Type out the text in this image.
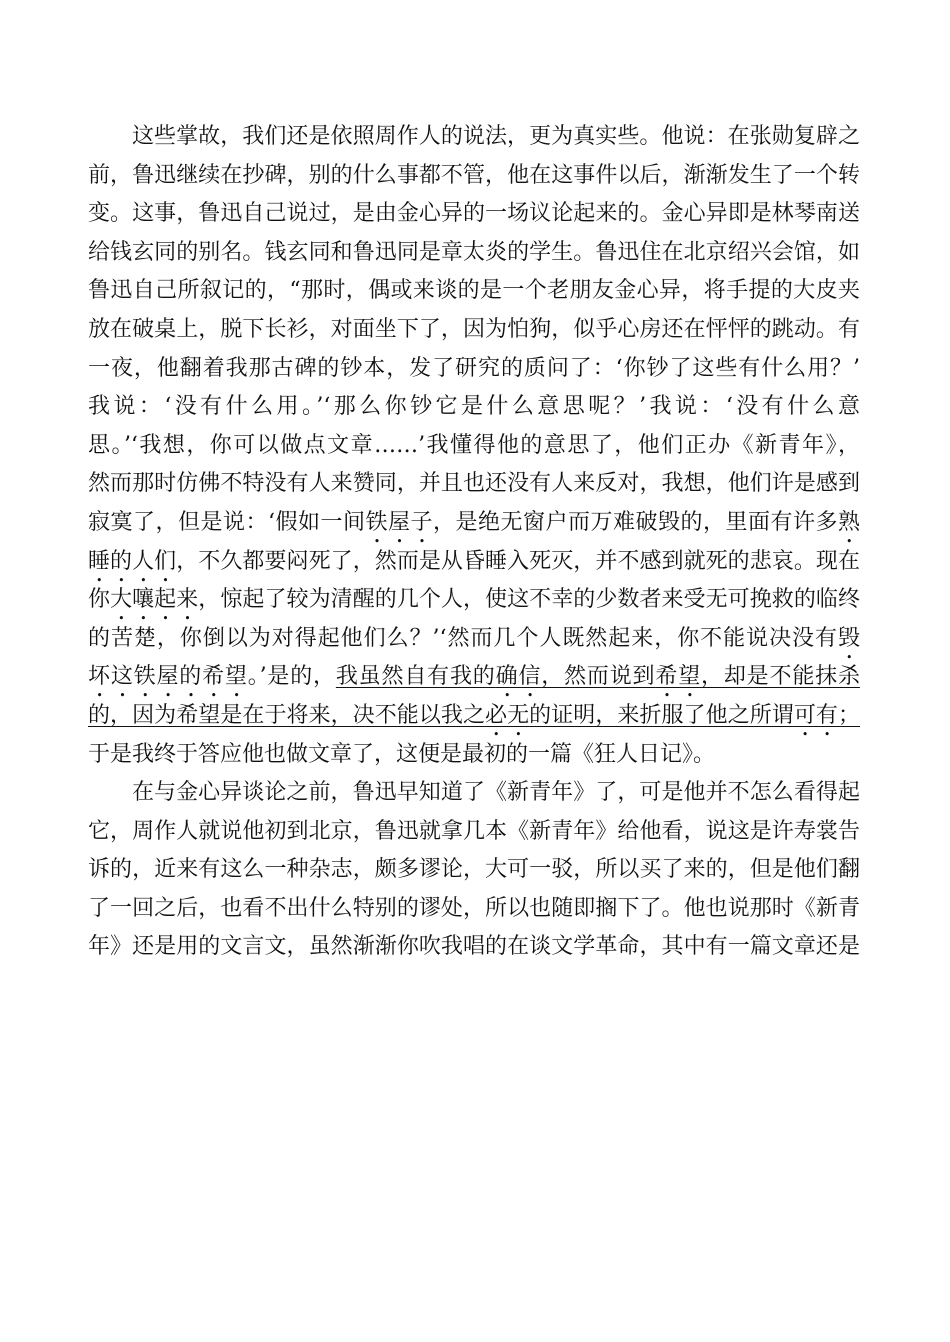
这些掌故，我们还是依照周作人的说法，更为真实些。他说：在张勋复辟之
前，鲁迅继续在抄碑，别的什么事都不管，他在这事件以后，渐渐发生了一个转
变。这事，鲁迅自己说过，是由金心异的一场议论起来的。金心异即是林琴南送
给钱玄同的别名。钱玄同和鲁迅同是章太炎的学生。鲁迅住在北京绍兴会馆，如
鲁迅自己所叙记的，“那时，偶或来谈的是一个老朋友金心异，将手提的大皮夹
放在破桌上，脱下长衫，对面坐下了，因为怕狗，似乎心房还在怦怦的跳动。有
一夜，他翻着我那古碑的钞本，发了研究的质问了：‘你钞了这些有什么用？’
我说：‘没有什么用。’‘那么你钞它是什么意思呢？’我说：‘没有什么意
思。’‘我想，你可以做点文章……’我懂得他的意思了，他们正办《新青年》，
然而那时仿佛不特没有人来赞同，并且也还没有人来反对，我想，他们许是感到
寂寞了，但是说：‘假如一间铁屋子，是绝无窗户而万难破毁的，里面有许多熟
睡的人们，不久都要闷死了，然而是从昏睡入死灭，并不感到就死的悲哀。现在
你大嚷起来，惊起了较为清醒的几个人，使这不幸的少数者来受无可挽救的临终
的苦楚，你倒以为对得起他们么？’‘然而几个人既然起来，你不能说决没有毁
坏这铁屋的希望。’是的，我虽然自有我的确信，然而说到希望，却是不能抹杀
的，因为希望是在于将来，决不能以我之必无的证明，来折服了他之所谓可有；
于是我终于答应他也做文章了，这便是最初的一篇《狂人日记》。
在与金心异谈论之前，鲁迅早知道了《新青年》了，可是他并不怎么看得起
它，周作人就说他初到北京，鲁迅就拿几本《新青年》给他看，说这是许寿裳告
诉的，近来有这么一种杂志，颇多谬论，大可一驳，所以买了来的，但是他们翻
了一回之后，也看不出什么特别的谬处，所以也随即搁下了。他也说那时《新青
年》还是用的文言文，虽然渐渐你吹我唱的在谈文学革命，其中有一篇文章还是
